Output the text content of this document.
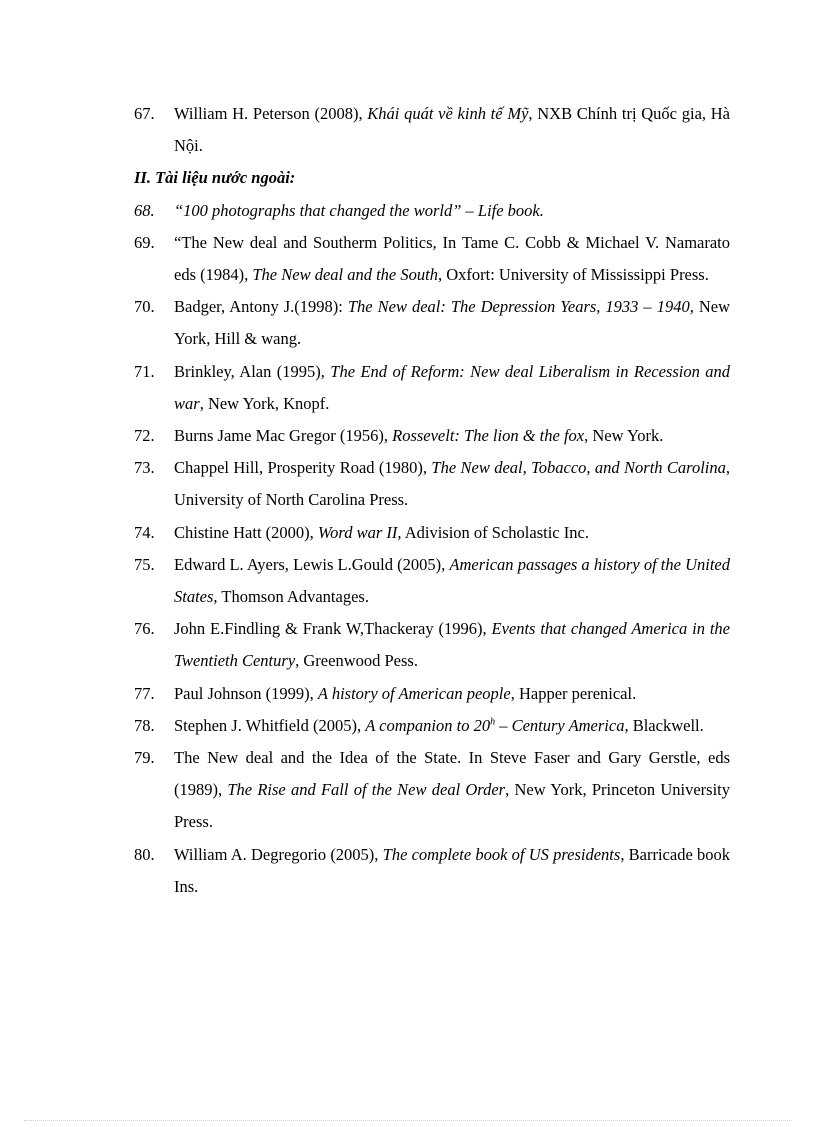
67.	William H. Peterson (2008), Khái quát về kinh tế Mỹ, NXB Chính trị Quốc gia, Hà Nội.
II. Tài liệu nước ngoài:
68.	“100 photographs that changed the world” – Life book.
69.	“The New deal and Southerm Politics, In Tame C. Cobb & Michael V. Namarato eds (1984), The New deal and the South, Oxfort: University of Mississippi Press.
70.	Badger, Antony J.(1998): The New deal: The Depression Years, 1933 – 1940, New York, Hill & wang.
71.	Brinkley, Alan (1995), The End of Reform: New deal Liberalism in Recession and war, New York, Knopf.
72.	Burns Jame Mac Gregor (1956), Rossevelt: The lion & the fox, New York.
73.	Chappel Hill, Prosperity Road (1980), The New deal, Tobacco, and North Carolina, University of North Carolina Press.
74.	Chistine Hatt (2000), Word war II, Adivision of Scholastic Inc.
75.	Edward L. Ayers, Lewis L.Gould (2005), American passages a history of the United States, Thomson Advantages.
76.	John E.Findling & Frank W,Thackeray (1996), Events that changed America in the Twentieth Century, Greenwood Pess.
77.	Paul Johnson (1999), A history of American people, Happer perenical.
78.	Stephen J. Whitfield (2005), A companion to 20$^h$ – Century America, Blackwell.
79.	The New deal and the Idea of the State. In Steve Faser and Gary Gerstle, eds (1989), The Rise and Fall of the New deal Order, New York, Princeton University Press.
80.	William A. Degregorio (2005), The complete book of US presidents, Barricade book Ins.
